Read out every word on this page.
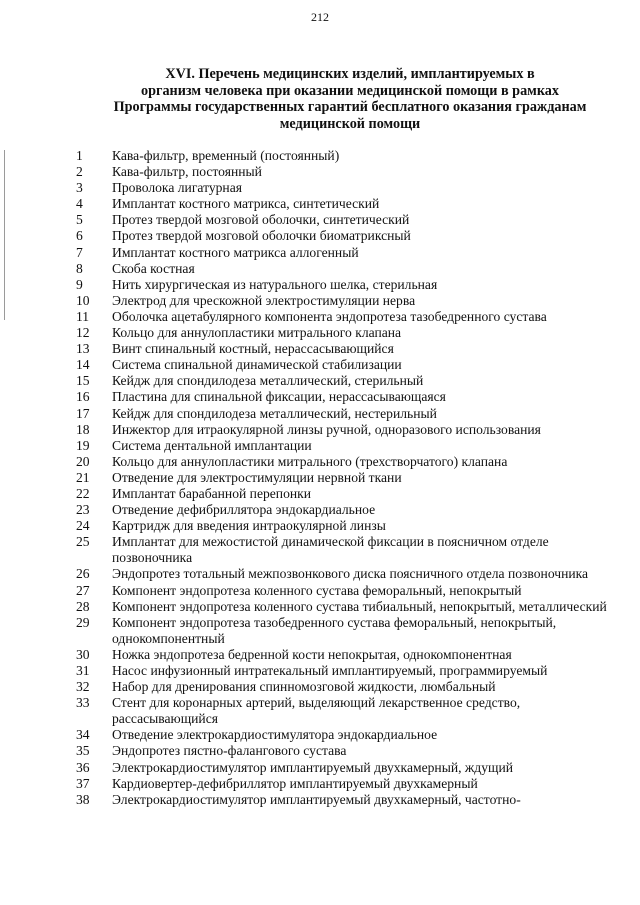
212
XVI. Перечень медицинских изделий, имплантируемых в
организм человека при оказании медицинской помощи в рамках
Программы государственных гарантий бесплатного оказания гражданам
медицинской помощи
1	Кава-фильтр, временный (постоянный)
2	Кава-фильтр, постоянный
3	Проволока лигатурная
4	Имплантат костного матрикса, синтетический
5	Протез твердой мозговой оболочки, синтетический
6	Протез твердой мозговой оболочки биоматриксный
7	Имплантат костного матрикса аллогенный
8	Скоба костная
9	Нить хирургическая из натурального шелка, стерильная
10	Электрод для чрескожной электростимуляции нерва
11	Оболочка ацетабулярного компонента эндопротеза тазобедренного сустава
12	Кольцо для аннулопластики митрального клапана
13	Винт спинальный костный, нерассасывающийся
14	Система спинальной динамической стабилизации
15	Кейдж для спондилодеза металлический, стерильный
16	Пластина для спинальной фиксации, нерассасывающаяся
17	Кейдж для спондилодеза металлический, нестерильный
18	Инжектор для итраокулярной линзы ручной, одноразового использования
19	Система дентальной имплантации
20	Кольцо для аннулопластики митрального (трехстворчатого) клапана
21	Отведение для электростимуляции нервной ткани
22	Имплантат барабанной перепонки
23	Отведение дефибриллятора эндокардиальное
24	Картридж для введения интраокулярной линзы
25	Имплантат для межостистой динамической фиксации в поясничном отделе позвоночника
26	Эндопротез тотальный межпозвонкового диска поясничного отдела позвоночника
27	Компонент эндопротеза коленного сустава феморальный, непокрытый
28	Компонент эндопротеза коленного сустава тибиальный, непокрытый, металлический
29	Компонент эндопротеза тазобедренного сустава феморальный, непокрытый, однокомпонентный
30	Ножка эндопротеза бедренной кости непокрытая, однокомпонентная
31	Насос инфузионный интратекальный имплантируемый, программируемый
32	Набор для дренирования спинномозговой жидкости, люмбальный
33	Стент для коронарных артерий, выделяющий лекарственное средство, рассасывающийся
34	Отведение электрокардиостимулятора эндокардиальное
35	Эндопротез пястно-фалангового сустава
36	Электрокардиостимулятор имплантируемый двухкамерный, ждущий
37	Кардиовертер-дефибриллятор имплантируемый двухкамерный
38	Электрокардиостимулятор имплантируемый двухкамерный, частотно-
